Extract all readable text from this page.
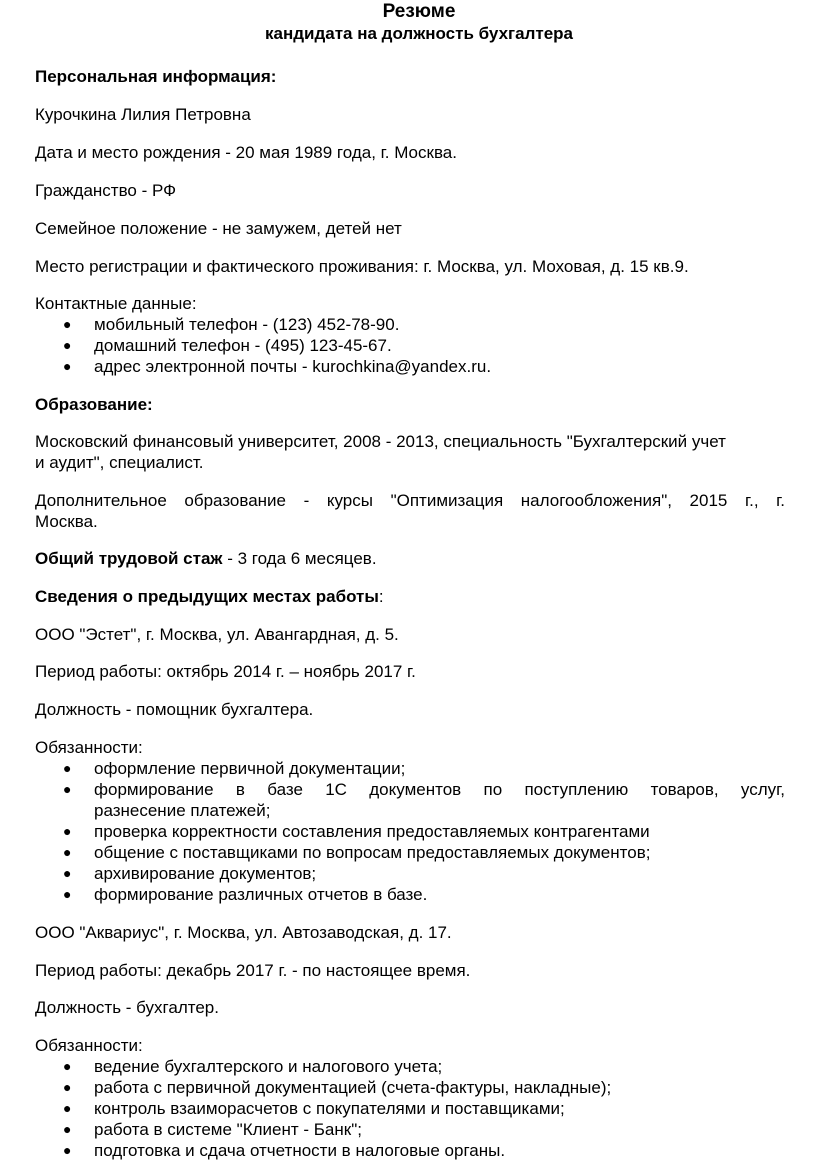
Резюме
кандидата на должность бухгалтера
Персональная информация:
Курочкина Лилия Петровна
Дата и место рождения - 20 мая 1989 года, г. Москва.
Гражданство - РФ
Семейное положение - не замужем, детей нет
Место регистрации и фактического проживания: г. Москва, ул. Моховая, д. 15 кв.9.
Контактные данные:
● мобильный телефон - (123) 452-78-90.
● домашний телефон - (495) 123-45-67.
● адрес электронной почты - kurochkina@yandex.ru.
Образование:
Московский финансовый университет, 2008 - 2013, специальность "Бухгалтерский учет
и аудит", специалист.
Дополнительное образование - курсы "Оптимизация налогообложения", 2015 г., г.
Москва.
Общий трудовой стаж - 3 года 6 месяцев.
Сведения о предыдущих местах работы:
ООО "Эстет", г. Москва, ул. Авангардная, д. 5.
Период работы: октябрь 2014 г. – ноябрь 2017 г.
Должность - помощник бухгалтера.
Обязанности:
● оформление первичной документации;
● формирование в базе 1С документов по поступлению товаров, услуг,
разнесение платежей;
● проверка корректности составления предоставляемых контрагентами
● общение с поставщиками по вопросам предоставляемых документов;
● архивирование документов;
● формирование различных отчетов в базе.
ООО "Аквариус", г. Москва, ул. Автозаводская, д. 17.
Период работы: декабрь 2017 г. - по настоящее время.
Должность - бухгалтер.
Обязанности:
● ведение бухгалтерского и налогового учета;
● работа с первичной документацией (счета-фактуры, накладные);
● контроль взаиморасчетов с покупателями и поставщиками;
● работа в системе "Клиент - Банк";
● подготовка и сдача отчетности в налоговые органы.
